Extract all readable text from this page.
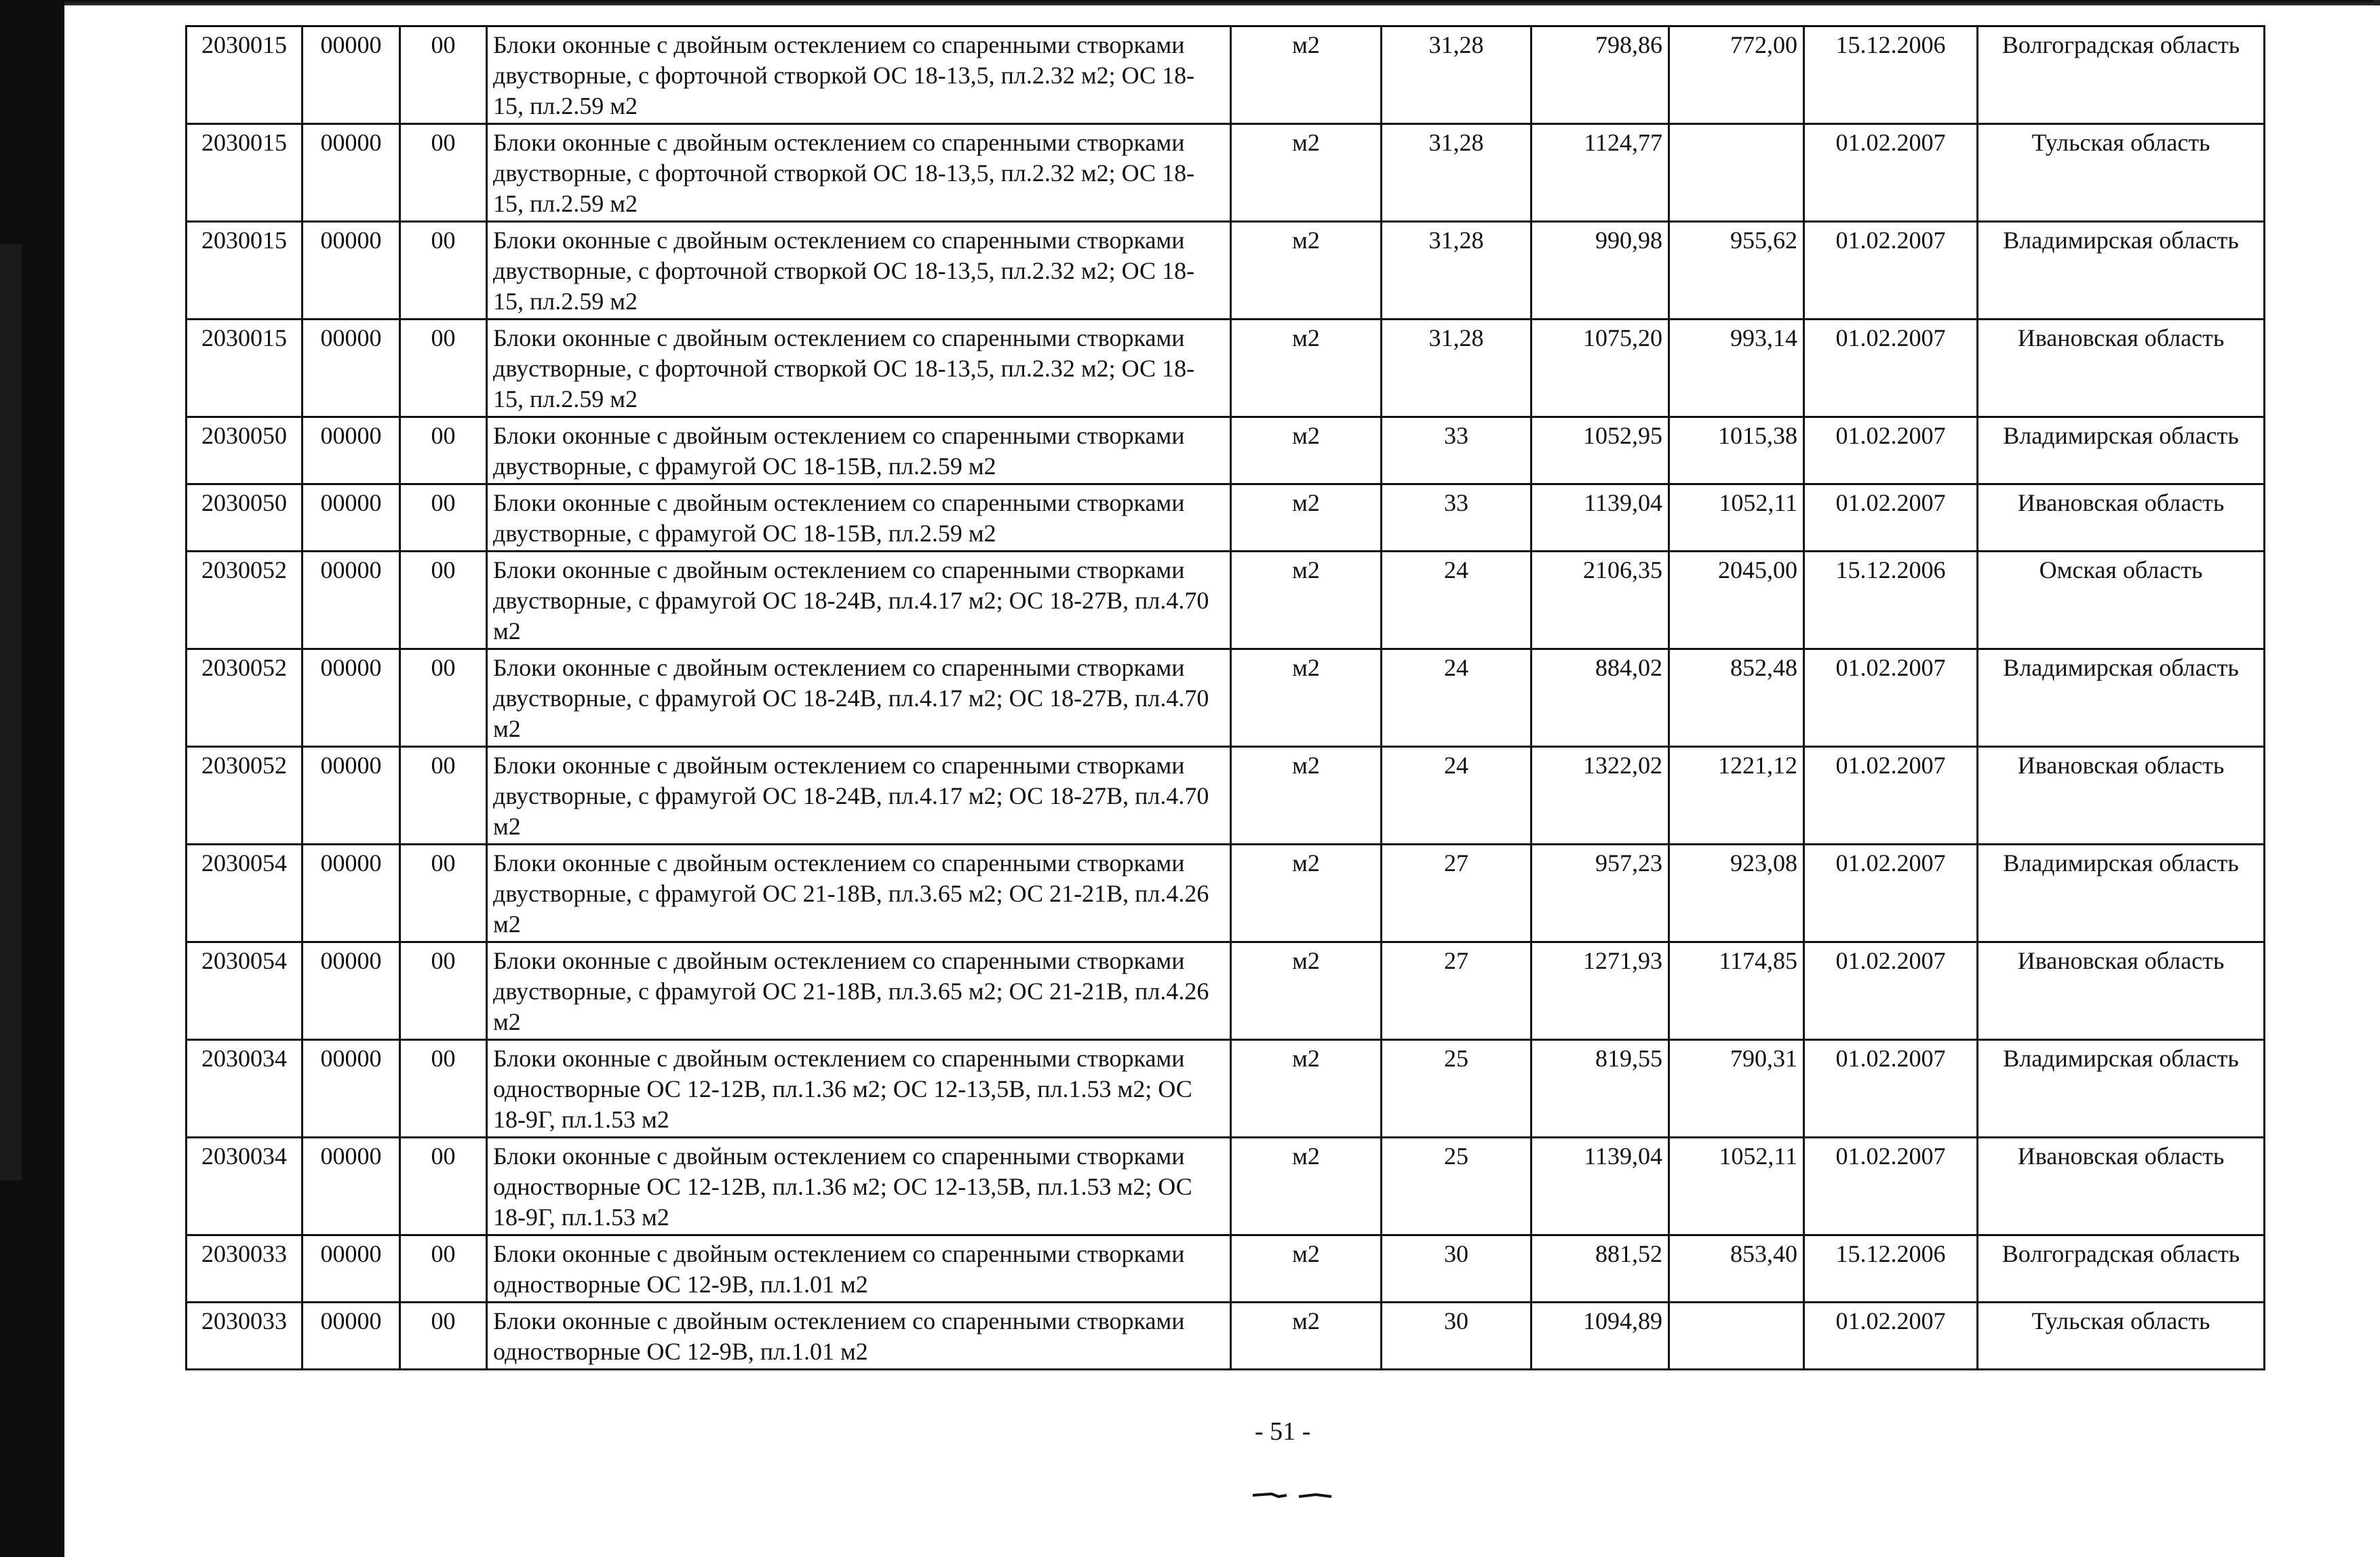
2030015	00000	00	Блоки оконные с двойным остеклением со спаренными створками двустворные, с форточной створкой ОС 18-13,5, пл.2.32 м2; ОС 18-15, пл.2.59 м2	м2	31,28	798,86	772,00	15.12.2006	Волгоградская область
2030015	00000	00	Блоки оконные с двойным остеклением со спаренными створками двустворные, с форточной створкой ОС 18-13,5, пл.2.32 м2; ОС 18-15, пл.2.59 м2	м2	31,28	1124,77		01.02.2007	Тульская область
2030015	00000	00	Блоки оконные с двойным остеклением со спаренными створками двустворные, с форточной створкой ОС 18-13,5, пл.2.32 м2; ОС 18-15, пл.2.59 м2	м2	31,28	990,98	955,62	01.02.2007	Владимирская область
2030015	00000	00	Блоки оконные с двойным остеклением со спаренными створками двустворные, с форточной створкой ОС 18-13,5, пл.2.32 м2; ОС 18-15, пл.2.59 м2	м2	31,28	1075,20	993,14	01.02.2007	Ивановская область
2030050	00000	00	Блоки оконные с двойным остеклением со спаренными створками двустворные, с фрамугой ОС 18-15В, пл.2.59 м2	м2	33	1052,95	1015,38	01.02.2007	Владимирская область
2030050	00000	00	Блоки оконные с двойным остеклением со спаренными створками двустворные, с фрамугой ОС 18-15В, пл.2.59 м2	м2	33	1139,04	1052,11	01.02.2007	Ивановская область
2030052	00000	00	Блоки оконные с двойным остеклением со спаренными створками двустворные, с фрамугой ОС 18-24В, пл.4.17 м2; ОС 18-27В, пл.4.70 м2	м2	24	2106,35	2045,00	15.12.2006	Омская область
2030052	00000	00	Блоки оконные с двойным остеклением со спаренными створками двустворные, с фрамугой ОС 18-24В, пл.4.17 м2; ОС 18-27В, пл.4.70 м2	м2	24	884,02	852,48	01.02.2007	Владимирская область
2030052	00000	00	Блоки оконные с двойным остеклением со спаренными створками двустворные, с фрамугой ОС 18-24В, пл.4.17 м2; ОС 18-27В, пл.4.70 м2	м2	24	1322,02	1221,12	01.02.2007	Ивановская область
2030054	00000	00	Блоки оконные с двойным остеклением со спаренными створками двустворные, с фрамугой ОС 21-18В, пл.3.65 м2; ОС 21-21В, пл.4.26 м2	м2	27	957,23	923,08	01.02.2007	Владимирская область
2030054	00000	00	Блоки оконные с двойным остеклением со спаренными створками двустворные, с фрамугой ОС 21-18В, пл.3.65 м2; ОС 21-21В, пл.4.26 м2	м2	27	1271,93	1174,85	01.02.2007	Ивановская область
2030034	00000	00	Блоки оконные с двойным остеклением со спаренными створками одностворные ОС 12-12В, пл.1.36 м2; ОС 12-13,5В, пл.1.53 м2; ОС 18-9Г, пл.1.53 м2	м2	25	819,55	790,31	01.02.2007	Владимирская область
2030034	00000	00	Блоки оконные с двойным остеклением со спаренными створками одностворные ОС 12-12В, пл.1.36 м2; ОС 12-13,5В, пл.1.53 м2; ОС 18-9Г, пл.1.53 м2	м2	25	1139,04	1052,11	01.02.2007	Ивановская область
2030033	00000	00	Блоки оконные с двойным остеклением со спаренными створками одностворные ОС 12-9В, пл.1.01 м2	м2	30	881,52	853,40	15.12.2006	Волгоградская область
2030033	00000	00	Блоки оконные с двойным остеклением со спаренными створками одностворные ОС 12-9В, пл.1.01 м2	м2	30	1094,89		01.02.2007	Тульская область
- 51 -
